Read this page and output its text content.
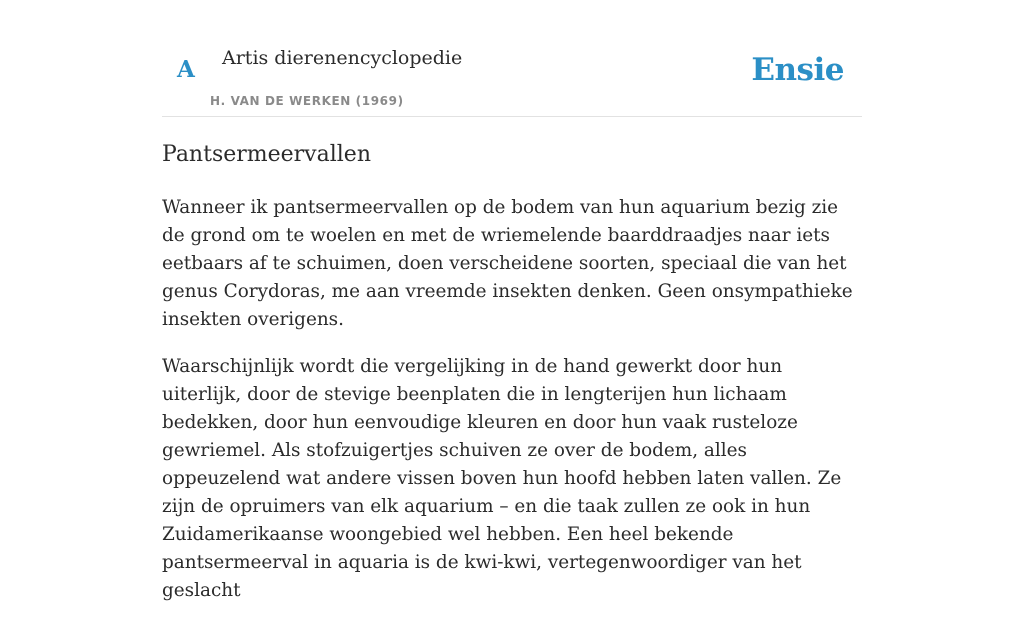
A Artis dierenencyclopedie
H. VAN DE WERKEN (1969)
Ensie
Pantsermeervallen

Wanneer ik pantsermeervallen op de bodem van hun aquarium bezig zie de grond om te woelen en met de wriemelende baarddraadjes naar iets eetbaars af te schuimen, doen verscheidene soorten, speciaal die van het genus Corydoras, me aan vreemde insekten denken. Geen onsympathieke insekten overigens.

Waarschijnlijk wordt die vergelijking in de hand gewerkt door hun uiterlijk, door de stevige beenplaten die in lengterijen hun lichaam bedekken, door hun eenvoudige kleuren en door hun vaak rusteloze gewriemel. Als stofzuigertjes schuiven ze over de bodem, alles oppeuzelend wat andere vissen boven hun hoofd hebben laten vallen. Ze zijn de opruimers van elk aquarium – en die taak zullen ze ook in hun Zuidamerikaanse woongebied wel hebben. Een heel bekende pantsermeerval in aquaria is de kwi-kwi, vertegenwoordiger van het geslacht
